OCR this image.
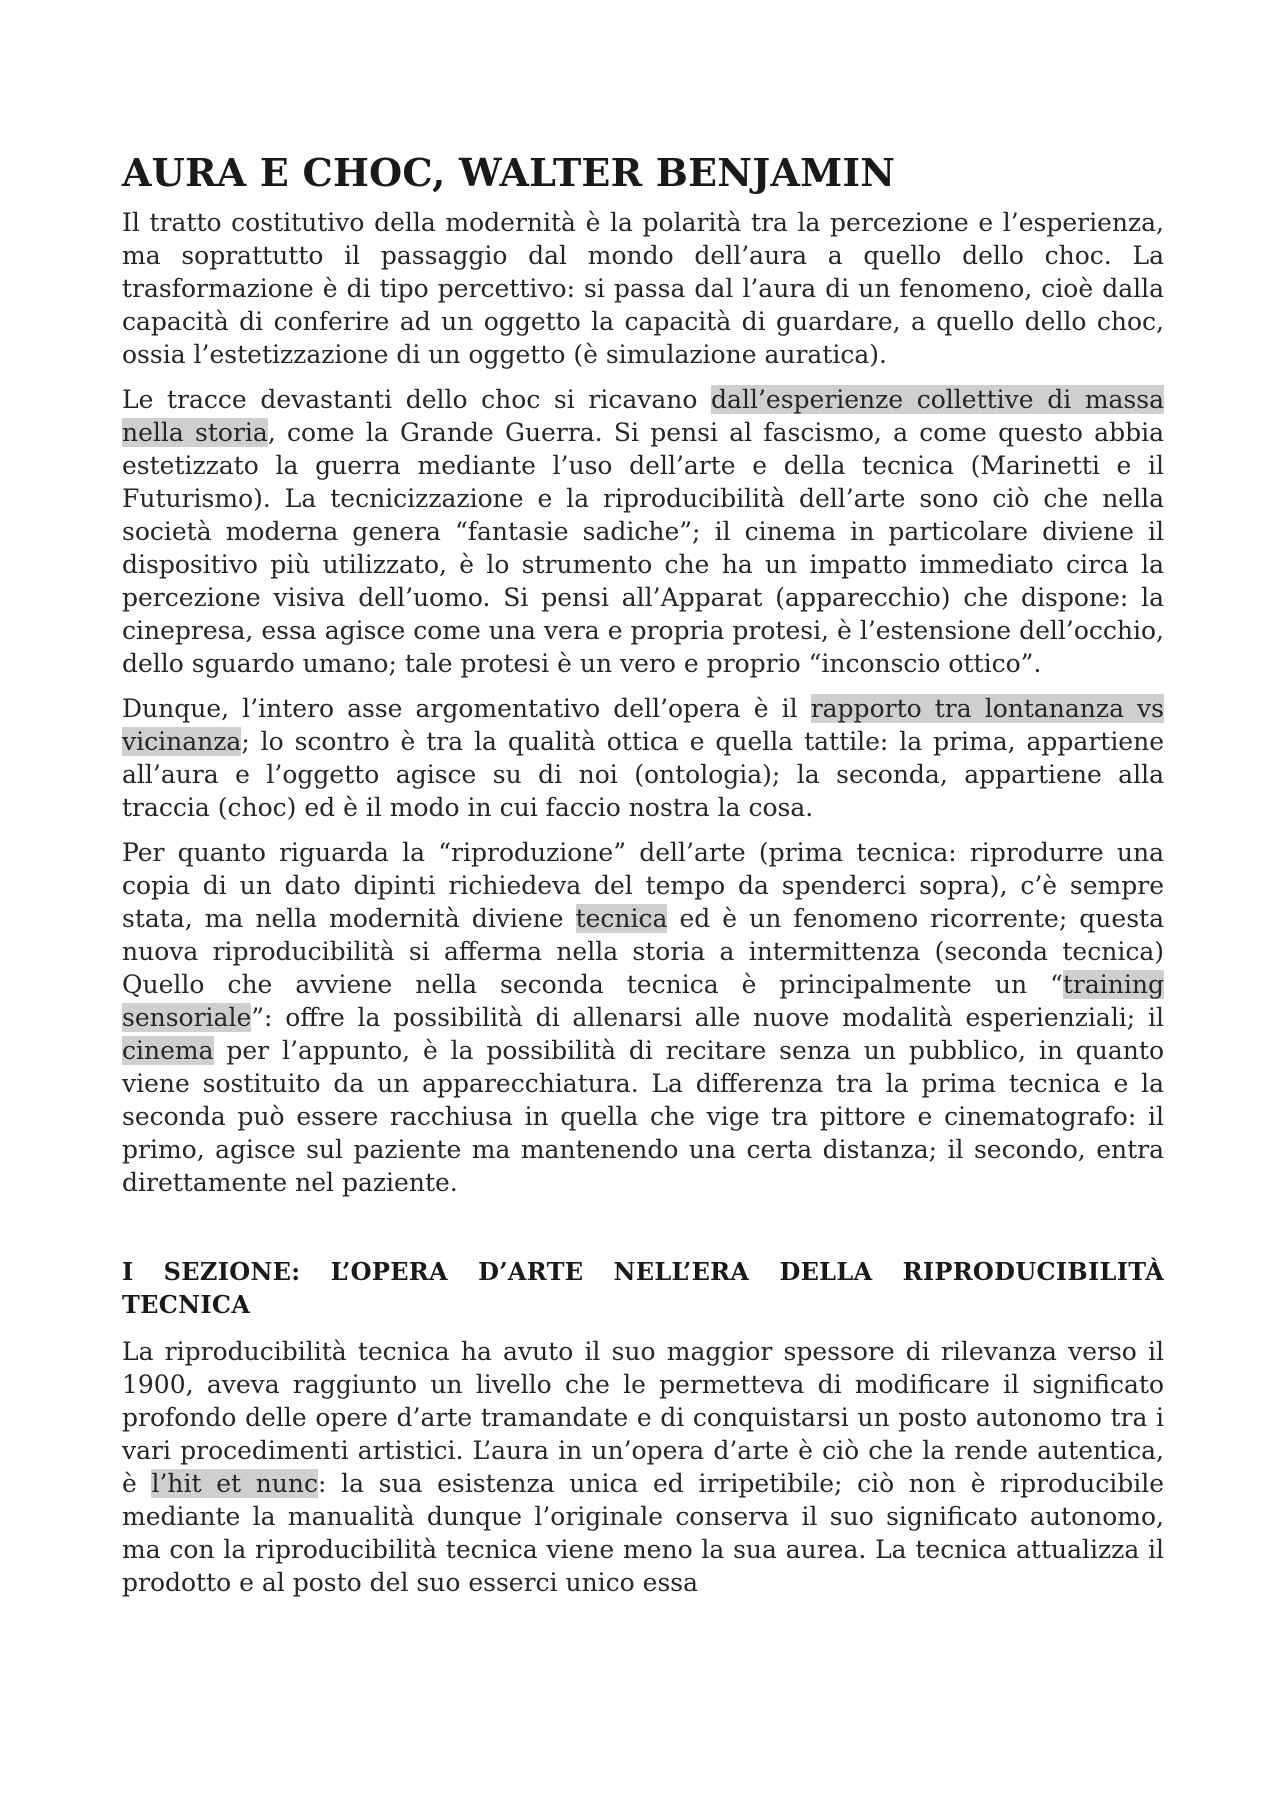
AURA E CHOC, WALTER BENJAMIN

Il tratto costitutivo della modernità è la polarità tra la percezione e l’esperienza, ma soprattutto il passaggio dal mondo dell’aura a quello dello choc. La trasformazione è di tipo percettivo: si passa dal l’aura di un fenomeno, cioè dalla capacità di conferire ad un oggetto la capacità di guardare, a quello dello choc, ossia l’estetizzazione di un oggetto (è simulazione auratica).

Le tracce devastanti dello choc si ricavano dall’esperienze collettive di massa nella storia, come la Grande Guerra. Si pensi al fascismo, a come questo abbia estetizzato la guerra mediante l’uso dell’arte e della tecnica (Marinetti e il Futurismo). La tecnicizzazione e la riproducibilità dell’arte sono ciò che nella società moderna genera “fantasie sadiche”; il cinema in particolare diviene il dispositivo più utilizzato, è lo strumento che ha un impatto immediato circa la percezione visiva dell’uomo. Si pensi all’Apparat (apparecchio) che dispone: la cinepresa, essa agisce come una vera e propria protesi, è l’estensione dell’occhio, dello sguardo umano; tale protesi è un vero e proprio “inconscio ottico”.

Dunque, l’intero asse argomentativo dell’opera è il rapporto tra lontananza vs vicinanza; lo scontro è tra la qualità ottica e quella tattile: la prima, appartiene all’aura e l’oggetto agisce su di noi (ontologia); la seconda, appartiene alla traccia (choc) ed è il modo in cui faccio nostra la cosa.

Per quanto riguarda la “riproduzione” dell’arte (prima tecnica: riprodurre una copia di un dato dipinti richiedeva del tempo da spenderci sopra), c’è sempre stata, ma nella modernità diviene tecnica ed è un fenomeno ricorrente; questa nuova riproducibilità si afferma nella storia a intermittenza (seconda tecnica) Quello che avviene nella seconda tecnica è principalmente un “training sensoriale”: offre la possibilità di allenarsi alle nuove modalità esperienziali; il cinema per l’appunto, è la possibilità di recitare senza un pubblico, in quanto viene sostituito da un apparecchiatura. La differenza tra la prima tecnica e la seconda può essere racchiusa in quella che vige tra pittore e cinematografo: il primo, agisce sul paziente ma mantenendo una certa distanza; il secondo, entra direttamente nel paziente.

I SEZIONE: L’OPERA D’ARTE NELL’ERA DELLA RIPRODUCIBILITÀ TECNICA

La riproducibilità tecnica ha avuto il suo maggior spessore di rilevanza verso il 1900, aveva raggiunto un livello che le permetteva di modificare il significato profondo delle opere d’arte tramandate e di conquistarsi un posto autonomo tra i vari procedimenti artistici. L’aura in un’opera d’arte è ciò che la rende autentica, è l’hit et nunc: la sua esistenza unica ed irripetibile; ciò non è riproducibile mediante la manualità dunque l’originale conserva il suo significato autonomo, ma con la riproducibilità tecnica viene meno la sua aurea. La tecnica attualizza il prodotto e al posto del suo esserci unico essa
